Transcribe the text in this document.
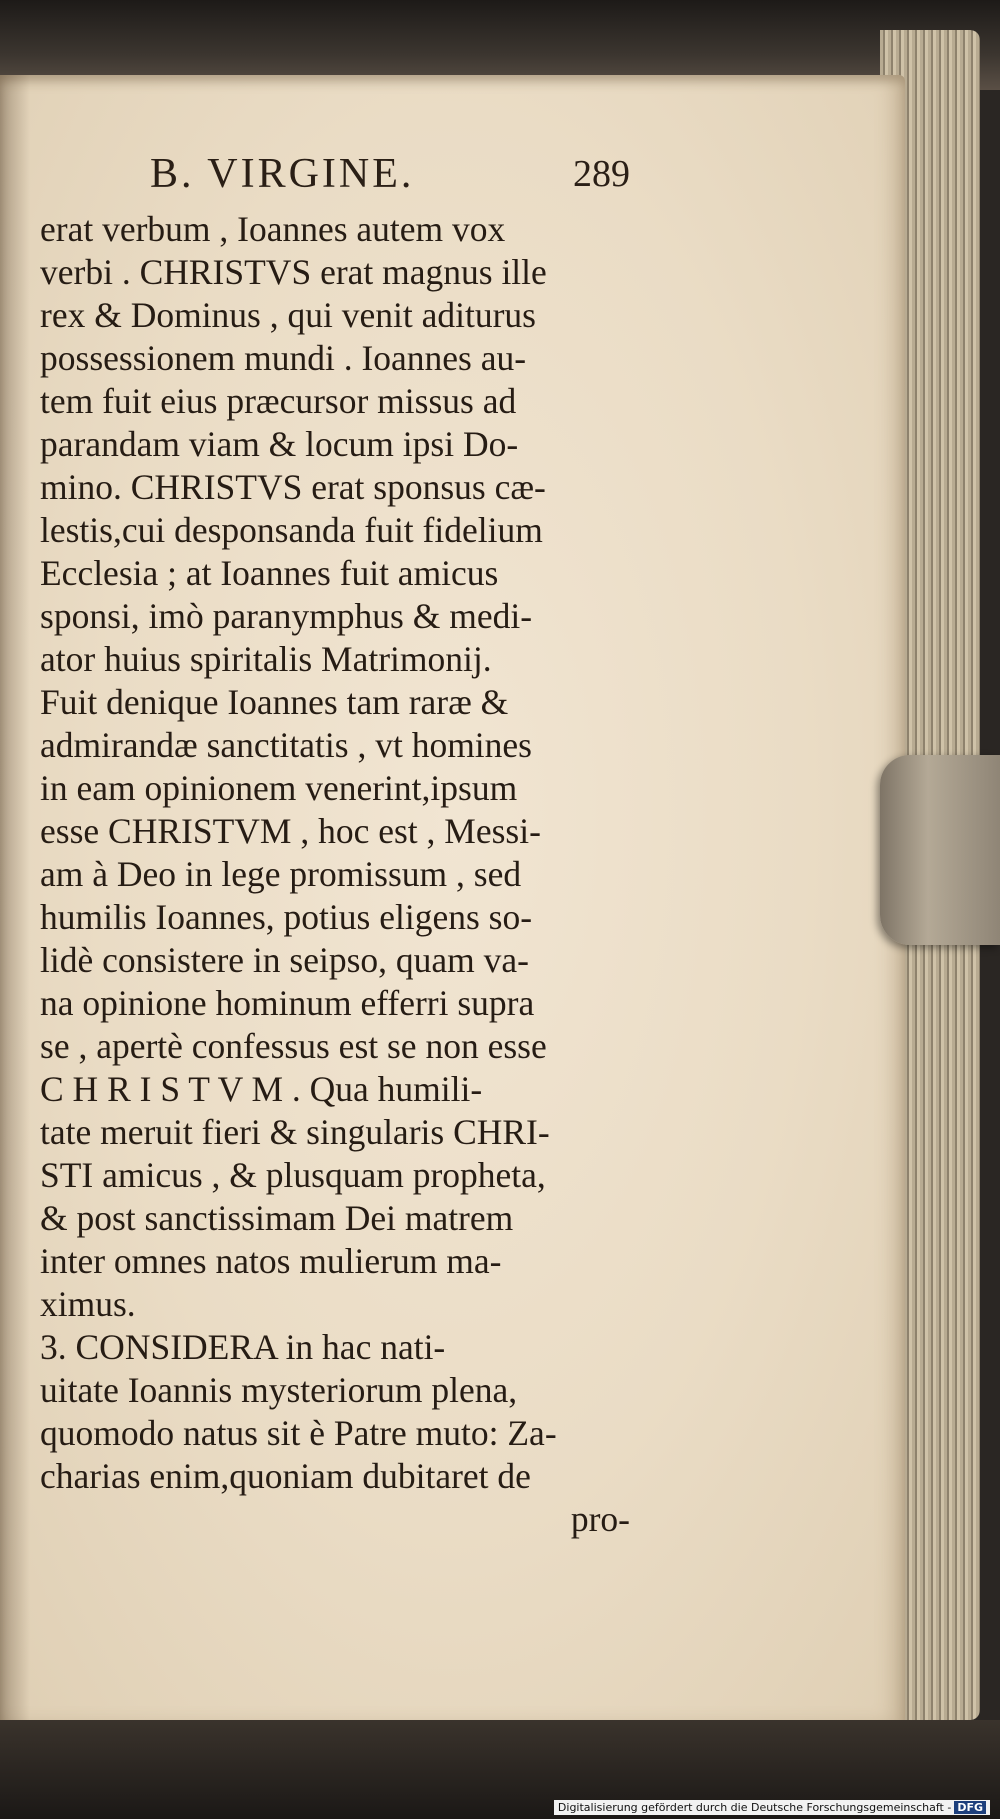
B. VIRGINE.	289
erat verbum , Ioannes autem vox
verbi . CHRISTVS erat magnus ille
rex & Dominus , qui venit aditurus
possessionem mundi . Ioannes au-
tem fuit eius præcursor missus ad
parandam viam & locum ipsi Do-
mino. CHRISTVS erat sponsus cæ-
lestis,cui desponsanda fuit fidelium
Ecclesia ; at Ioannes fuit amicus
sponsi, imò paranymphus & medi-
ator huius spiritalis Matrimonij.
Fuit denique Ioannes tam raræ &
admirandæ sanctitatis , vt homines
in eam opinionem venerint,ipsum
esse CHRISTVM , hoc est , Messi-
am à Deo in lege promissum , sed
humilis Ioannes, potius eligens so-
lidè consistere in seipso, quam va-
na opinione hominum efferri supra
se , apertè confessus est se non esse
C H R I S T V M . Qua humili-
tate meruit fieri & singularis CHRI-
STI amicus , & plusquam propheta,
& post sanctissimam Dei matrem
inter omnes natos mulierum ma-
ximus.
3. CONSIDERA in hac nati-
uitate Ioannis mysteriorum plena,
quomodo natus sit è Patre muto: Za-
charias enim,quoniam dubitaret de
pro-
Digitalisierung gefördert durch die Deutsche Forschungsgemeinschaft - DFG
